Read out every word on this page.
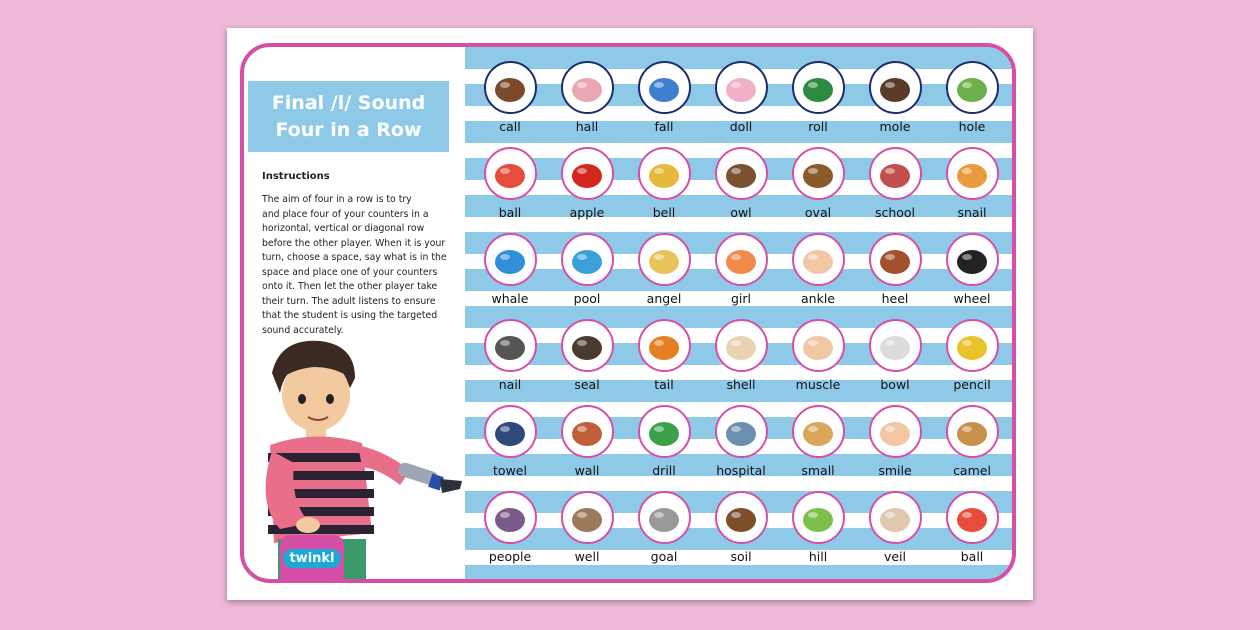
Final /l/ Sound
Four in a Row
Instructions
The aim of four in a row is to try
and place four of your counters in a
horizontal, vertical or diagonal row
before the other player. When it is your
turn, choose a space, say what is in the
space and place one of your counters
onto it. Then let the other player take
their turn. The adult listens to ensure
that the student is using the targeted
sound accurately.
twinkl
call	hall	fall	doll	roll	mole	hole
ball	apple	bell	owl	oval	school	snail
whale	pool	angel	girl	ankle	heel	wheel
nail	seal	tail	shell	muscle	bowl	pencil
towel	wall	drill	hospital	small	smile	camel
people	well	goal	soil	hill	veil	ball
